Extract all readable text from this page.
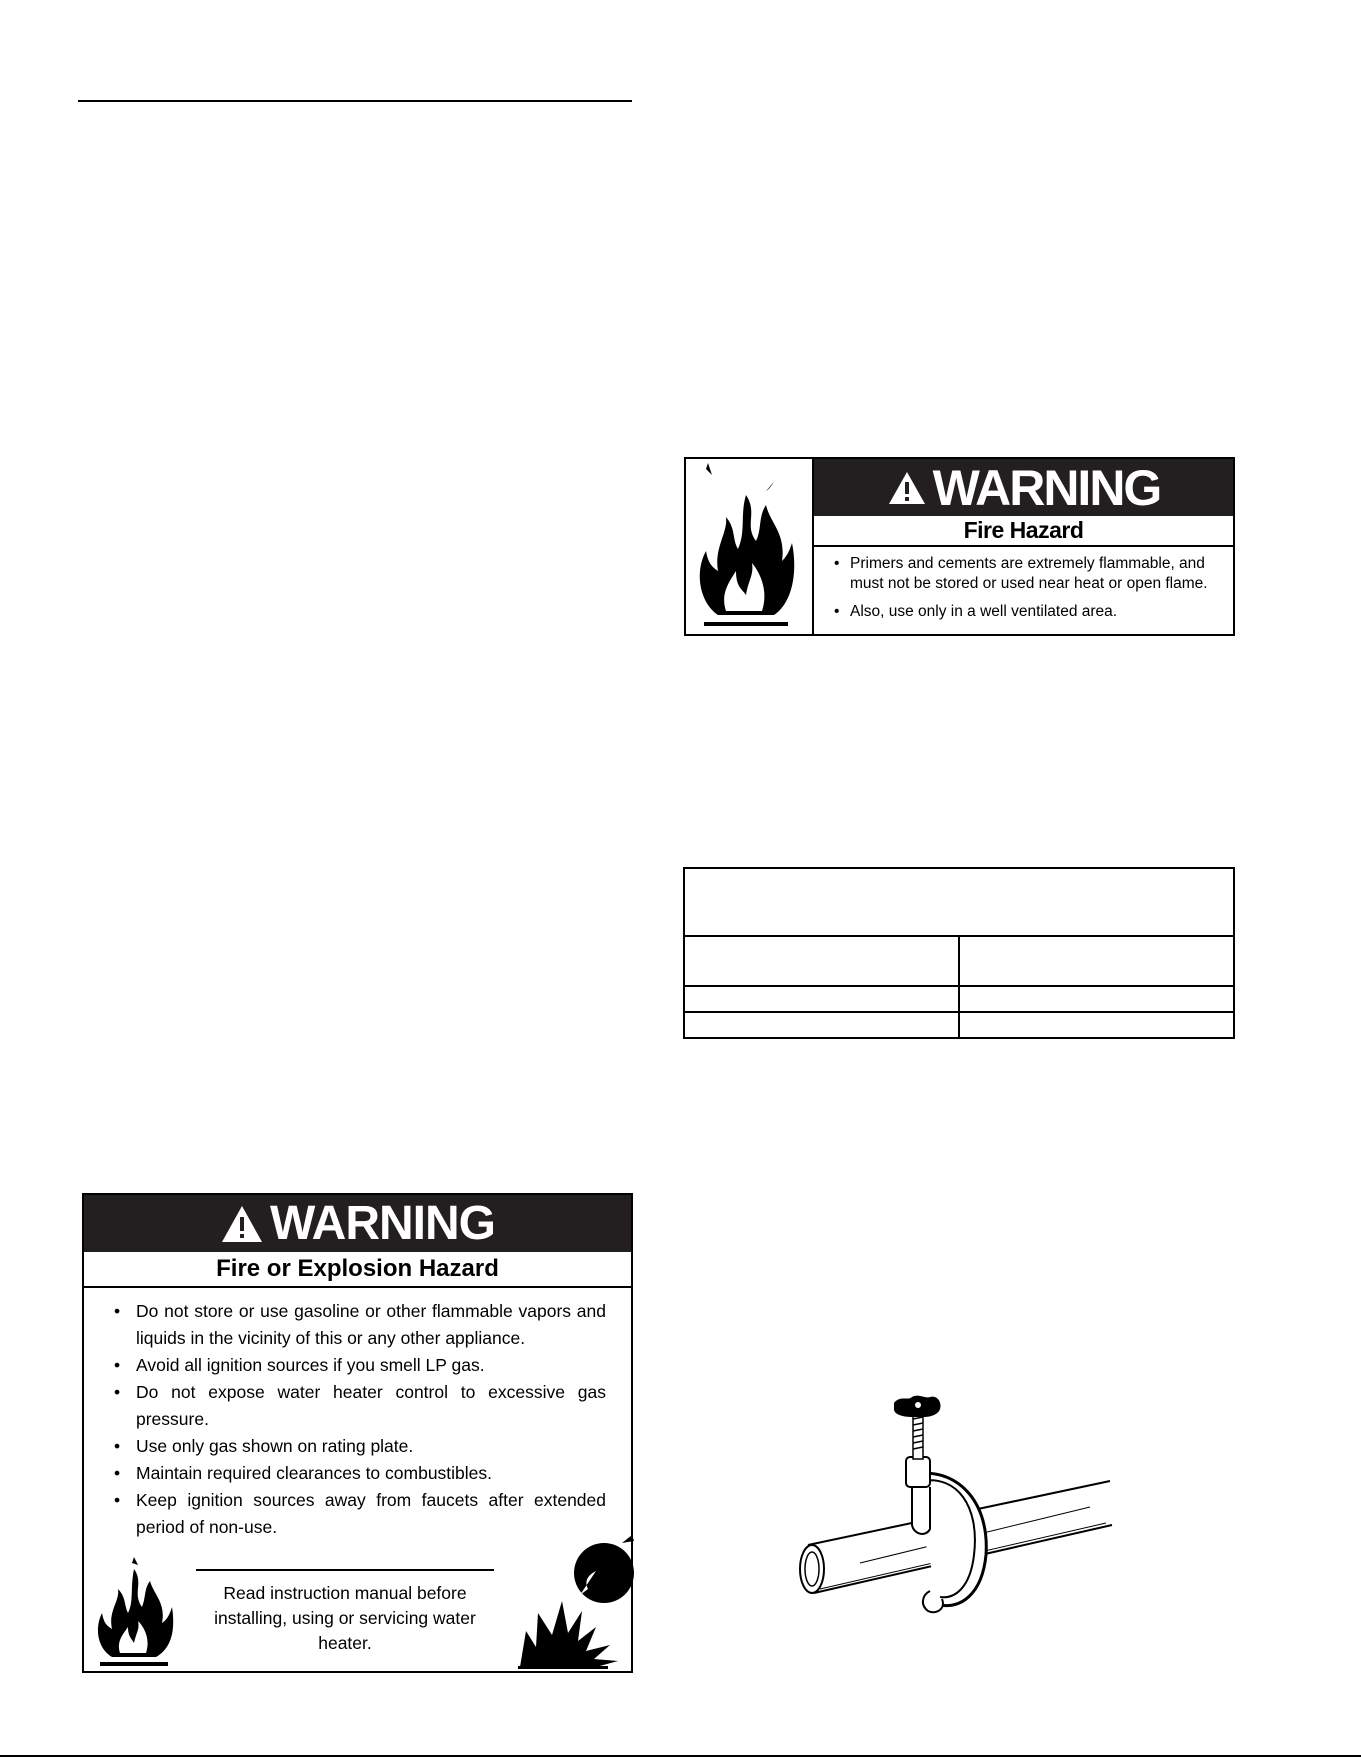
WARNING
Fire Hazard
• Primers and cements are extremely flammable, and must not be stored or used near heat or open flame.
• Also, use only in a well ventilated area.
WARNING
Fire or Explosion Hazard
• Do not store or use gasoline or other flammable vapors and liquids in the vicinity of this or any other appliance.
• Avoid all ignition sources if you smell LP gas.
• Do not expose water heater control to excessive gas pressure.
• Use only gas shown on rating plate.
• Maintain required clearances to combustibles.
• Keep ignition sources away from faucets after extended period of non-use.
Read instruction manual before installing, using or servicing water heater.
